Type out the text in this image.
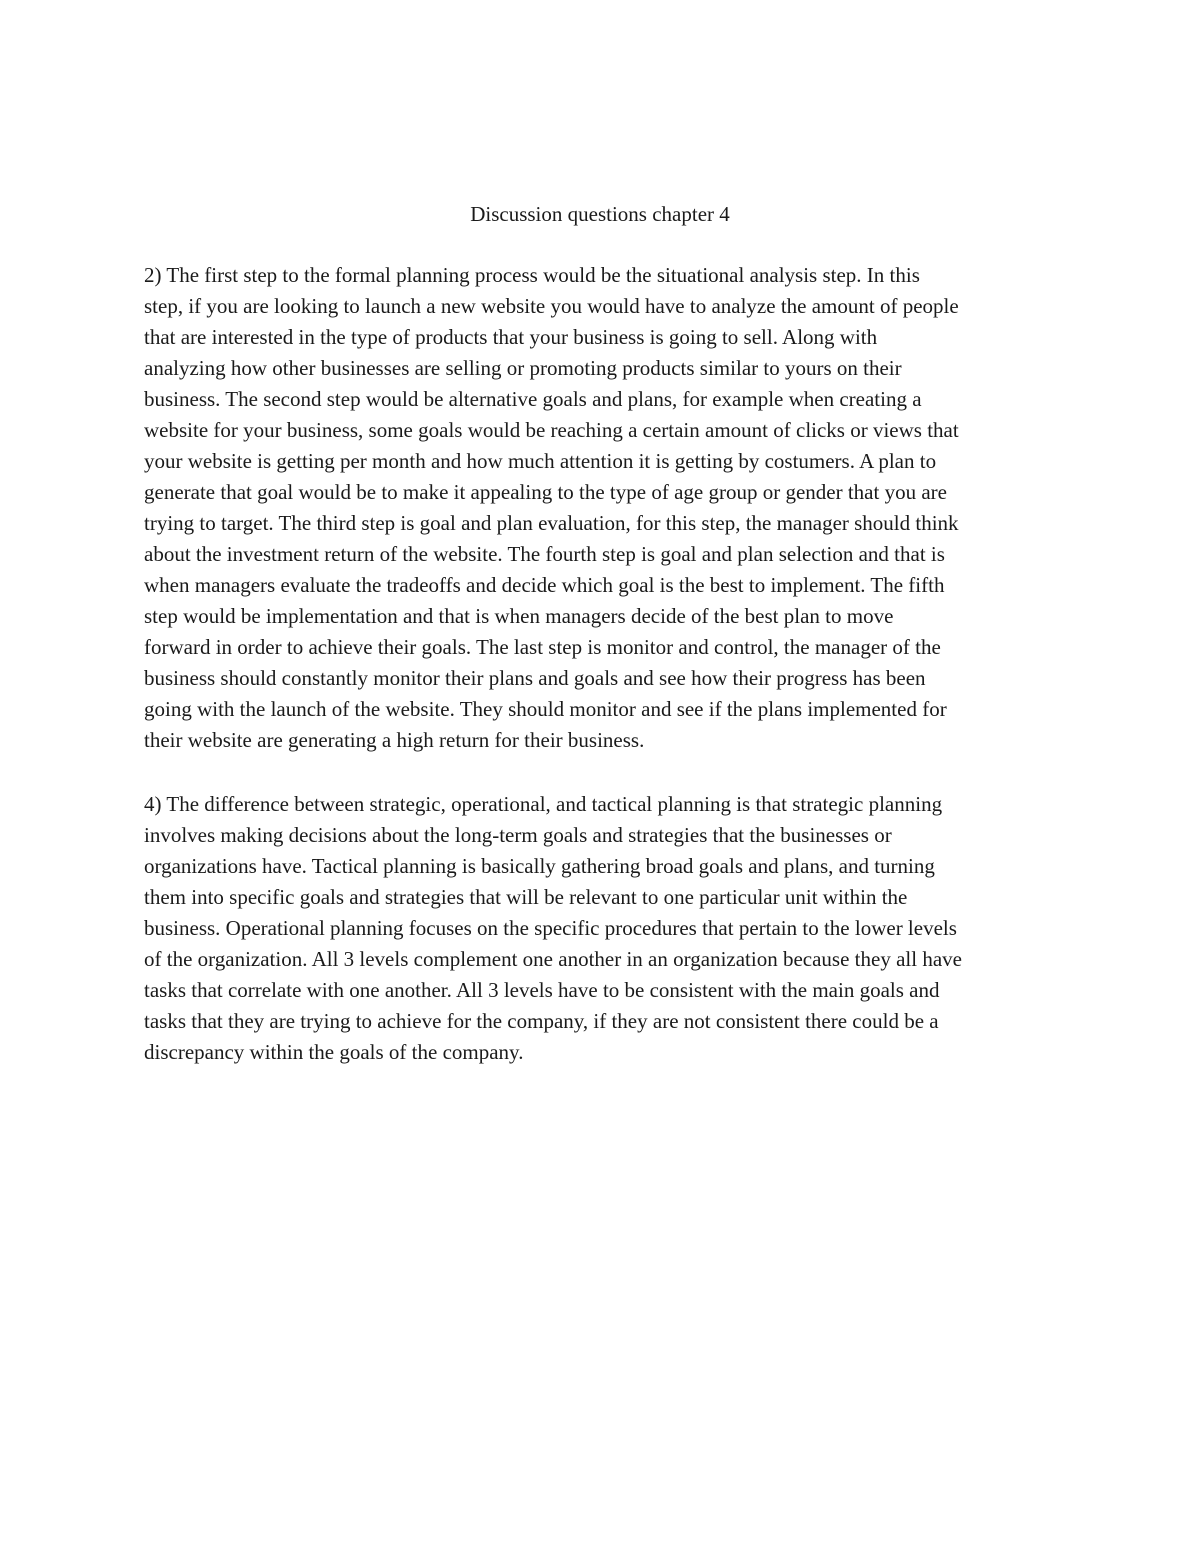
Discussion questions chapter 4

2) The first step to the formal planning process would be the situational analysis step. In this
step, if you are looking to launch a new website you would have to analyze the amount of people
that are interested in the type of products that your business is going to sell. Along with
analyzing how other businesses are selling or promoting products similar to yours on their
business. The second step would be alternative goals and plans, for example when creating a
website for your business, some goals would be reaching a certain amount of clicks or views that
your website is getting per month and how much attention it is getting by costumers. A plan to
generate that goal would be to make it appealing to the type of age group or gender that you are
trying to target. The third step is goal and plan evaluation, for this step, the manager should think
about the investment return of the website. The fourth step is goal and plan selection and that is
when managers evaluate the tradeoffs and decide which goal is the best to implement. The fifth
step would be implementation and that is when managers decide of the best plan to move
forward in order to achieve their goals. The last step is monitor and control, the manager of the
business should constantly monitor their plans and goals and see how their progress has been
going with the launch of the website. They should monitor and see if the plans implemented for
their website are generating a high return for their business.

4) The difference between strategic, operational, and tactical planning is that strategic planning
involves making decisions about the long-term goals and strategies that the businesses or
organizations have. Tactical planning is basically gathering broad goals and plans, and turning
them into specific goals and strategies that will be relevant to one particular unit within the
business. Operational planning focuses on the specific procedures that pertain to the lower levels
of the organization. All 3 levels complement one another in an organization because they all have
tasks that correlate with one another. All 3 levels have to be consistent with the main goals and
tasks that they are trying to achieve for the company, if they are not consistent there could be a
discrepancy within the goals of the company.
